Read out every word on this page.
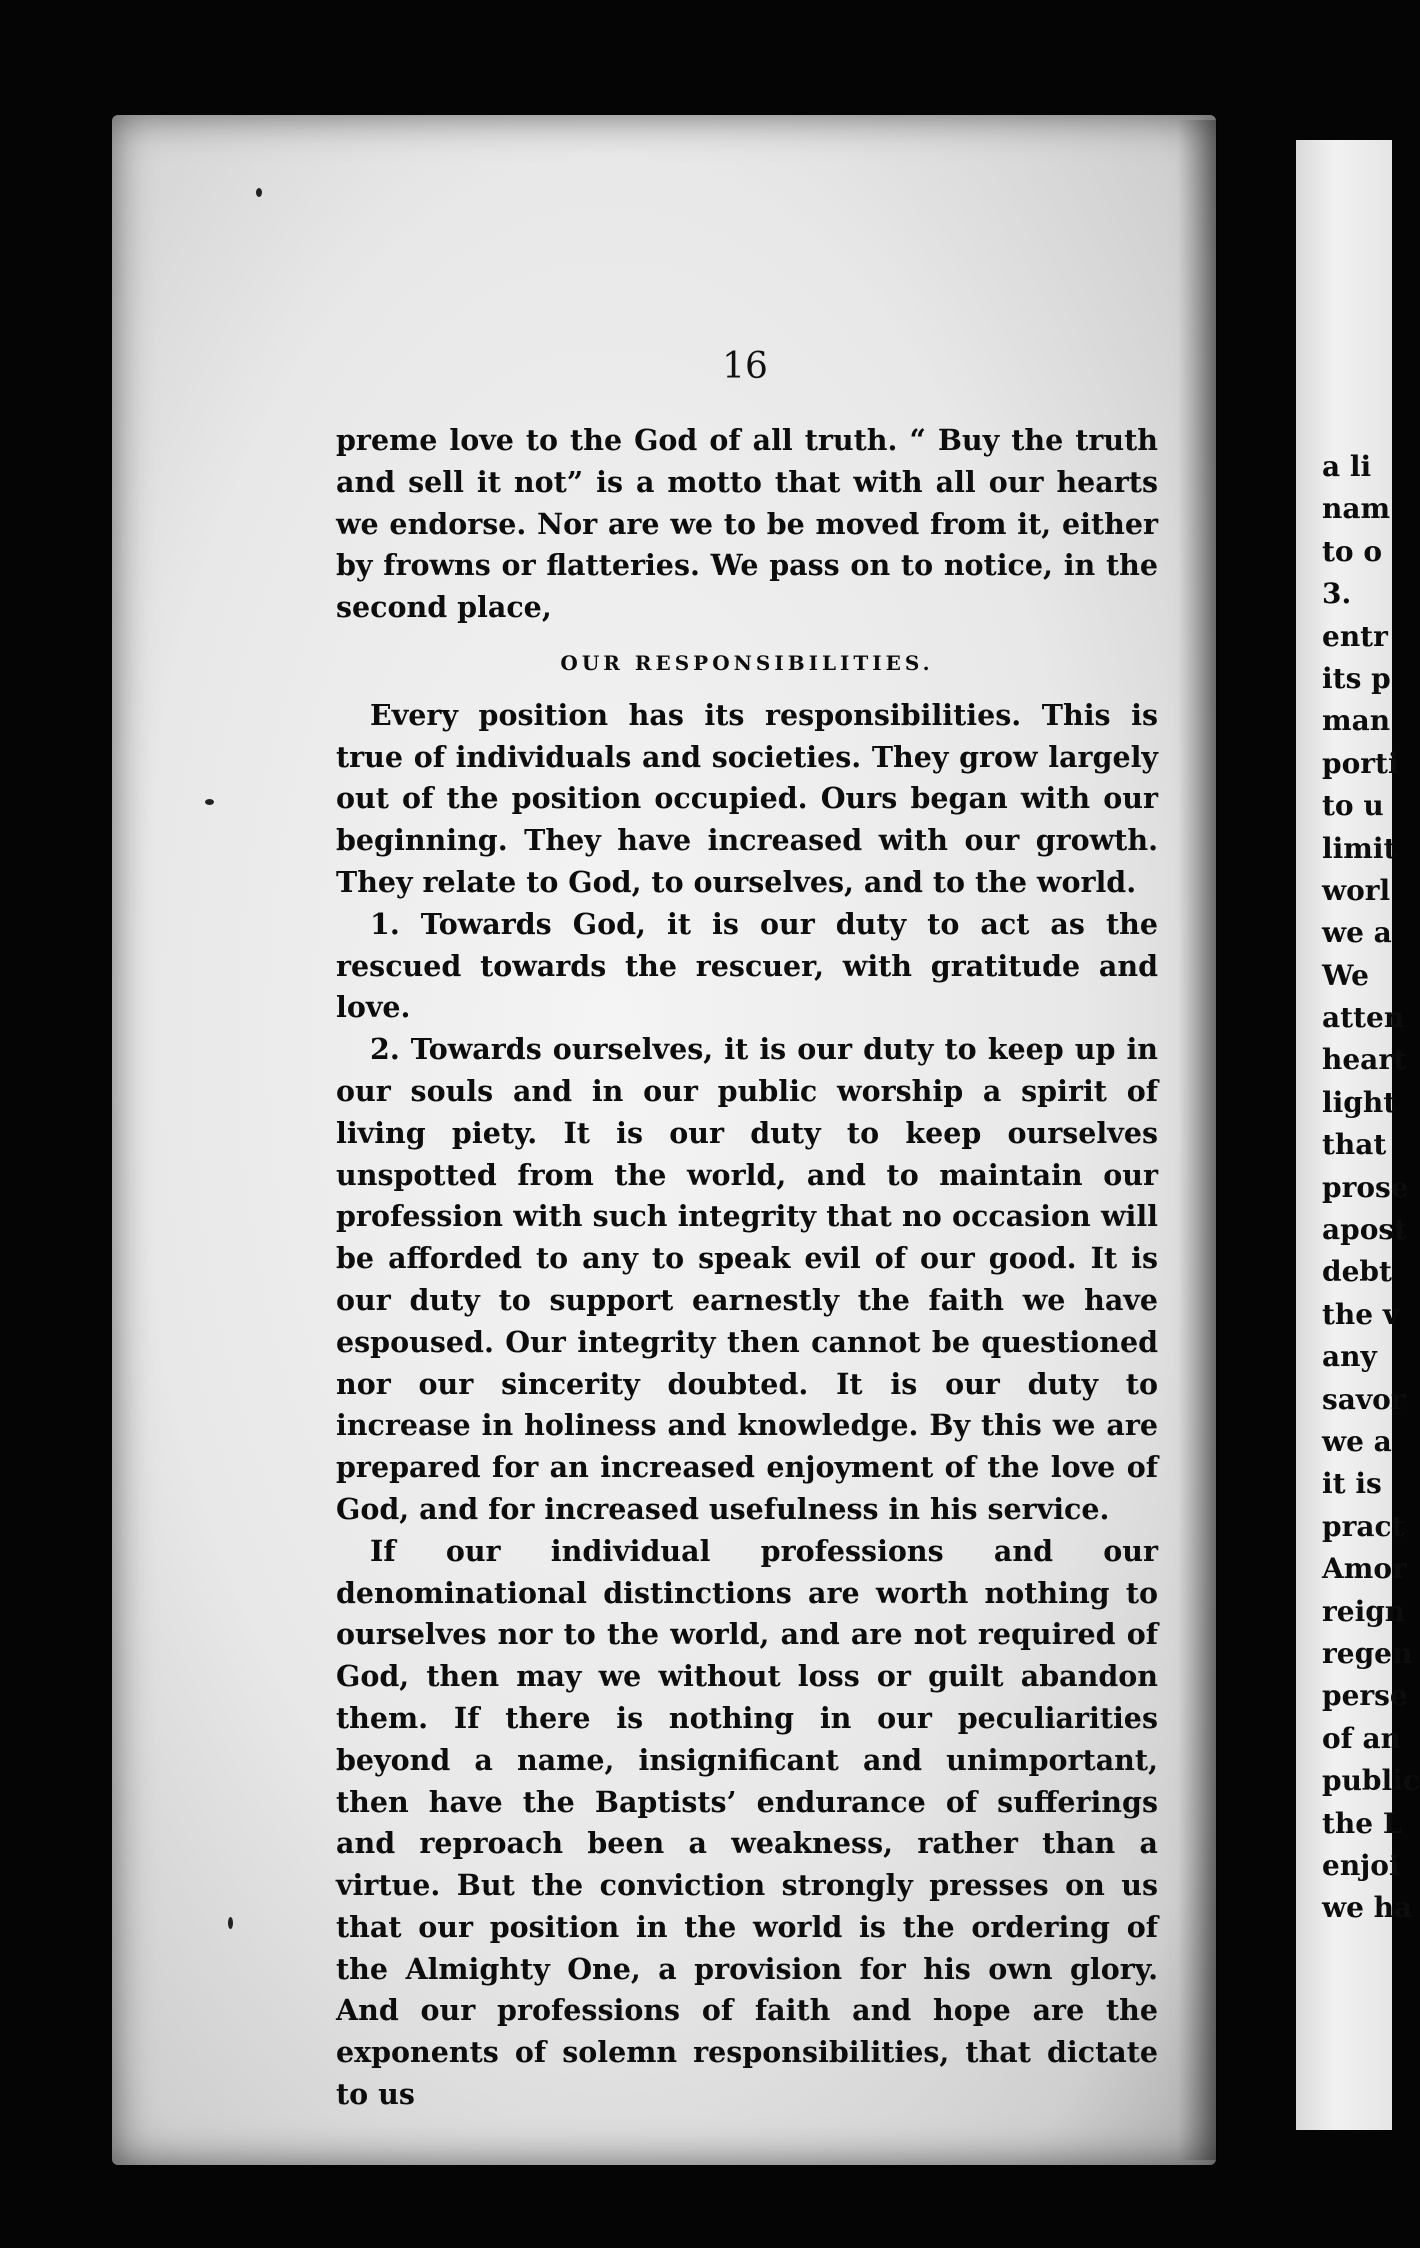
16

preme love to the God of all truth. “ Buy the truth and sell it not” is a motto that with all our hearts we endorse. Nor are we to be moved from it, either by frowns or flatteries. We pass on to notice, in the second place,

OUR RESPONSIBILITIES.

Every position has its responsibilities. This is true of individuals and societies. They grow largely out of the position occupied. Ours began with our beginning. They have increased with our growth. They relate to God, to ourselves, and to the world.

1. Towards God, it is our duty to act as the rescued towards the rescuer, with gratitude and love.

2. Towards ourselves, it is our duty to keep up in our souls and in our public worship a spirit of living piety. It is our duty to keep ourselves unspotted from the world, and to maintain our profession with such integrity that no occasion will be afforded to any to speak evil of our good. It is our duty to support earnestly the faith we have espoused. Our integrity then cannot be questioned nor our sincerity doubted. It is our duty to increase in holiness and knowledge. By this we are prepared for an increased enjoyment of the love of God, and for increased usefulness in his service.

If our individual professions and our denominational distinctions are worth nothing to ourselves nor to the world, and are not required of God, then may we without loss or guilt abandon them. If there is nothing in our peculiarities beyond a name, insignificant and unimportant, then have the Baptists’ endurance of sufferings and reproach been a weakness, rather than a virtue. But the conviction strongly presses on us that our position in the world is the ordering of the Almighty One, a provision for his own glory. And our professions of faith and hope are the exponents of solemn responsibilities, that dictate to us

a li
nam
to o
3.
entr
its p
man
porti
to u
limit
worl
we a
We
atten
heart
light
that
prose
apost
debt
the v
any
savor
we a
it is
pract
Amor
reign
regen
perse
of an
public
the L
enjoi
we ha
